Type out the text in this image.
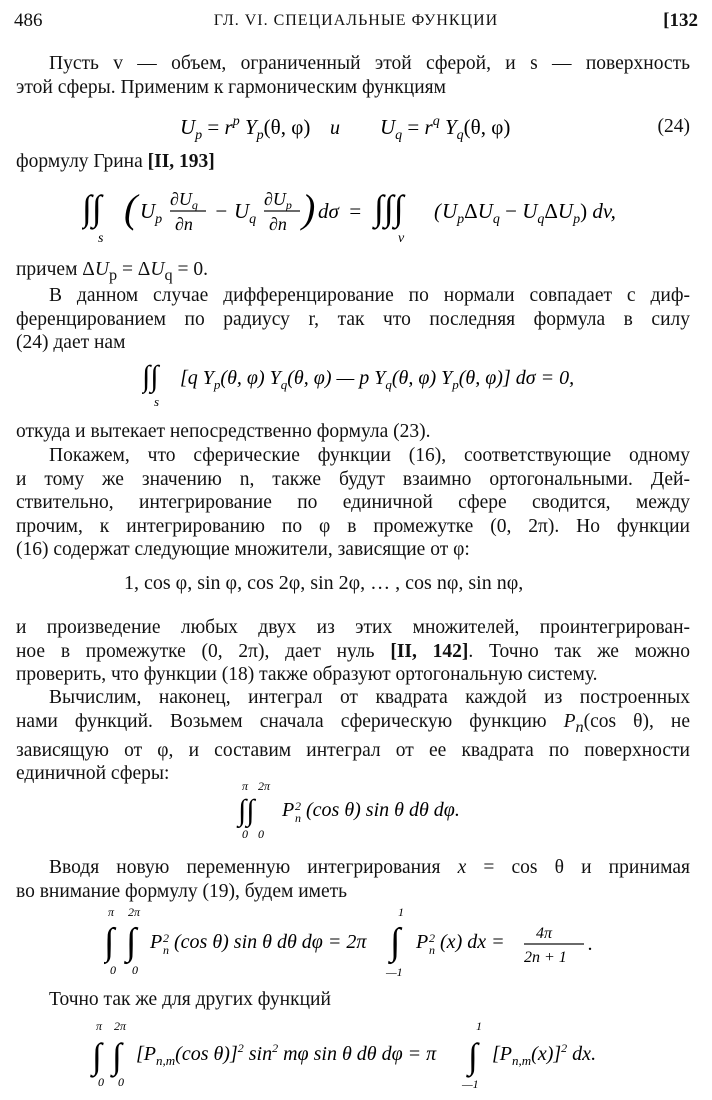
486	ГЛ. VI. СПЕЦИАЛЬНЫЕ ФУНКЦИИ	[132
Пусть v — объем, ограниченный этой сферой, и s — поверхность
этой сферы. Применим к гармоническим функциям
$U_p = r^p$ $Y_p(\theta$, φ) и $U_q = r^q$ $Y_q(\theta$, φ)	(24)
формулу Грина [II, 193]
∫∫
s
( $U_p$
$\partial U_q$
∂n
− $U_q$
$\partial U_p$
∂n ) dσ = ∫∫∫
v
( $U_p\Delta U_q - U_q\Delta U_p$) dv,
причем $\Delta U_p = \Delta U_q = 0$.
В данном случае дифференцирование по нормали совпадает с диф-
ференцированием по радиусу r, так что последняя формула в силу
(24) дает нам
∫∫
s
[q $Y_p(\theta$, φ) $Y_q(\theta$, φ) — p $Y_q(\theta$, φ) $Y_p(\theta$, φ)] dσ = 0,
откуда и вытекает непосредственно формула (23).
Покажем, что сферические функции (16), соответствующие одному
и тому же значению n, также будут взаимно ортогональными. Дей-
ствительно, интегрирование по единичной сфере сводится, между
прочим, к интегрированию по φ в промежутке (0, 2π). Но функции
(16) содержат следующие множители, зависящие от φ:
1, cos φ, sin φ, cos 2φ, sin 2φ, … , cos nφ, sin nφ,
и произведение любых двух из этих множителей, проинтегрирован-
ное в промежутке (0, 2π), дает нуль [II, 142]. Точно так же можно
проверить, что функции (18) также образуют ортогональную систему.
Вычислим, наконец, интеграл от квадрата каждой из построенных
нами функций. Возьмем сначала сферическую функцию $P_n(\cos$ θ), не
зависящую от φ, и составим интеграл от ее квадрата по поверхности
единичной сферы:
π 2π
∫∫
0 0
P 2
n (cos θ) sin θ dθ dφ.
Вводя новую переменную интегрирования x = cos θ и принимая
во внимание формулу (19), будем иметь
π 2π
∫ ∫
0 0
P 2
n (cos θ) sin θ dθ dφ = 2π
1
∫
—1
P 2
n (x) dx = 4π
2n + 1
.
Точно так же для других функций
π 2π
∫ ∫
0 0
[$P_{n,m}(\cos$ θ)]$^2$ $\sin^2 m\varphi$ sin θ dθ dφ = π
1
∫
—1
$[P_{n,m}(x)]^2$ dx.
